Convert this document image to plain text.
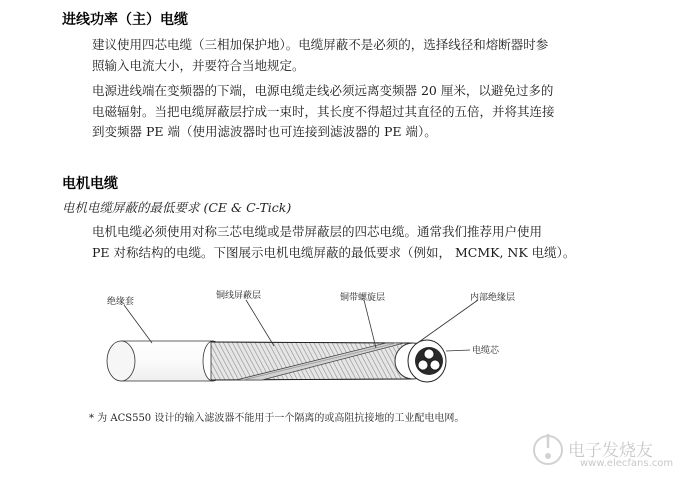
进线功率（主）电缆
建议使用四芯电缆（三相加保护地）。电缆屏蔽不是必须的，选择线径和熔断器时参
照输入电流大小，并要符合当地规定。
电源进线端在变频器的下端，电源电缆走线必须远离变频器 20 厘米，以避免过多的
电磁辐射。当把电缆屏蔽层拧成一束时，其长度不得超过其直径的五倍，并将其连接
到变频器 PE 端（使用滤波器时也可连接到滤波器的 PE 端）。
电机电缆
电机电缆屏蔽的最低要求 (CE & C-Tick)
电机电缆必须使用对称三芯电缆或是带屏蔽层的四芯电缆。通常我们推荐用户使用
PE 对称结构的电缆。下图展示电机电缆屏蔽的最低要求（例如， MCMK, NK 电缆）。
绝缘套
铜线屏蔽层	铜带螺旋层	内部绝缘层
电缆芯
* 为 ACS550 设计的输入滤波器不能用于一个隔离的或高阻抗接地的工业配电电网。
电子发烧友
www.elecfans.com
